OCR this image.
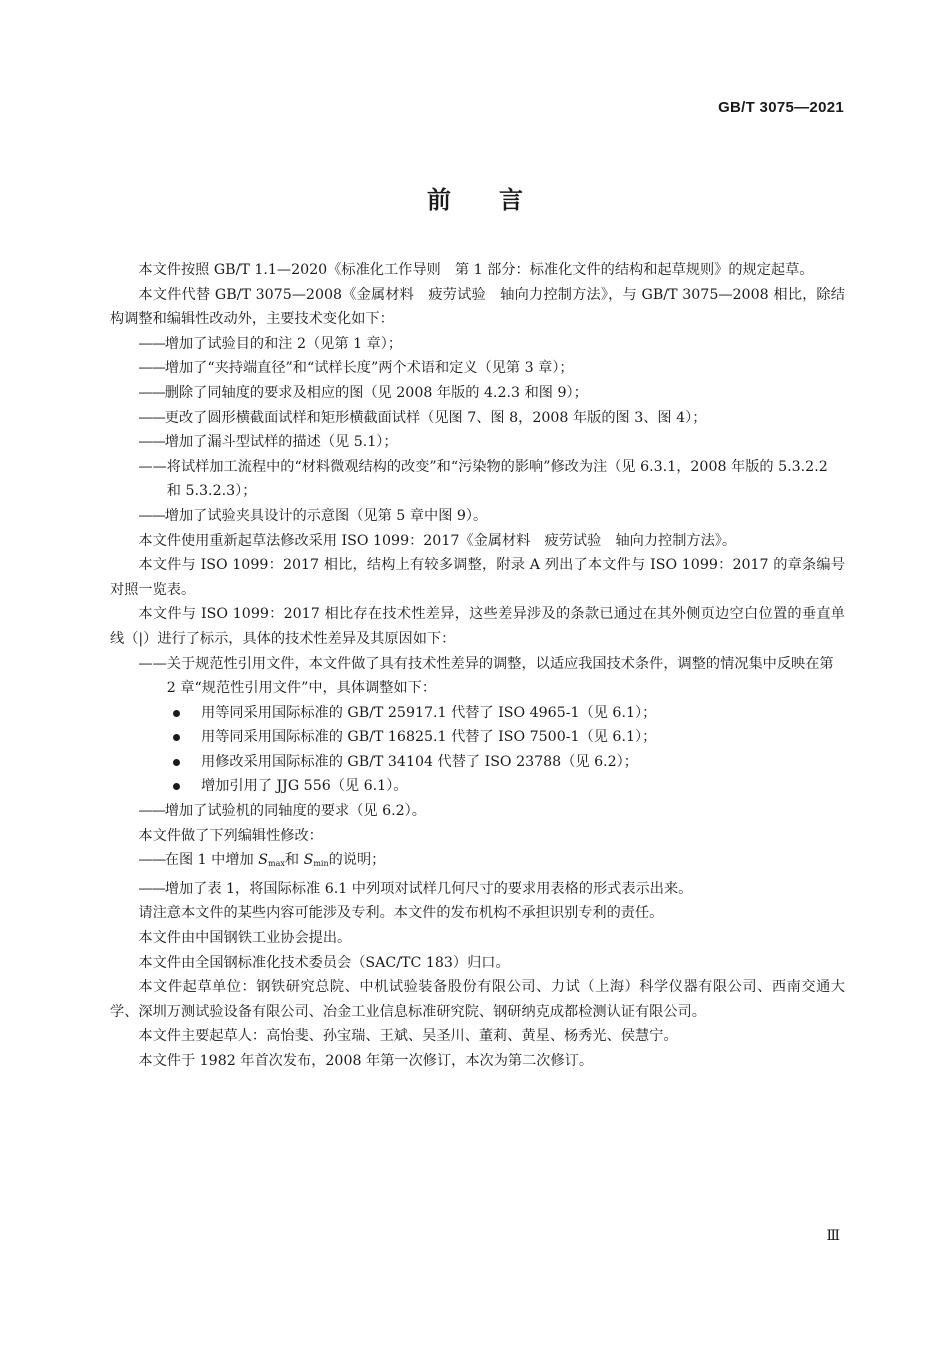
GB/T 3075—2021
前言

本文件按照 GB/T 1.1—2020《标准化工作导则　第 1 部分：标准化文件的结构和起草规则》的规定起草。

本文件代替 GB/T 3075—2008《金属材料　疲劳试验　轴向力控制方法》，与 GB/T 3075—2008 相比，除结构调整和编辑性改动外，主要技术变化如下：

——增加了试验目的和注 2（见第 1 章）；

——增加了“夹持端直径”和“试样长度”两个术语和定义（见第 3 章）；

——删除了同轴度的要求及相应的图（见 2008 年版的 4.2.3 和图 9）；

——更改了圆形横截面试样和矩形横截面试样（见图 7、图 8，2008 年版的图 3、图 4）；

——增加了漏斗型试样的描述（见 5.1）；

——将试样加工流程中的“材料微观结构的改变”和“污染物的影响”修改为注（见 6.3.1，2008 年版的 5.3.2.2 和 5.3.2.3）；

——增加了试验夹具设计的示意图（见第 5 章中图 9）。

本文件使用重新起草法修改采用 ISO 1099：2017《金属材料　疲劳试验　轴向力控制方法》。

本文件与 ISO 1099：2017 相比，结构上有较多调整，附录 A 列出了本文件与 ISO 1099：2017 的章条编号对照一览表。

本文件与 ISO 1099：2017 相比存在技术性差异，这些差异涉及的条款已通过在其外侧页边空白位置的垂直单线（|）进行了标示，具体的技术性差异及其原因如下：

——关于规范性引用文件，本文件做了具有技术性差异的调整，以适应我国技术条件，调整的情况集中反映在第 2 章“规范性引用文件”中，具体调整如下：

用等同采用国际标准的 GB/T 25917.1 代替了 ISO 4965-1（见 6.1）；

用等同采用国际标准的 GB/T 16825.1 代替了 ISO 7500-1（见 6.1）；

用修改采用国际标准的 GB/T 34104 代替了 ISO 23788（见 6.2）；

增加引用了 JJG 556（见 6.1）。

——增加了试验机的同轴度的要求（见 6.2）。

本文件做了下列编辑性修改：

——在图 1 中增加 $S_{max}$和 $S_{min}$的说明；

——增加了表 1，将国际标准 6.1 中列项对试样几何尺寸的要求用表格的形式表示出来。

请注意本文件的某些内容可能涉及专利。本文件的发布机构不承担识别专利的责任。

本文件由中国钢铁工业协会提出。

本文件由全国钢标准化技术委员会（SAC/TC 183）归口。

本文件起草单位：钢铁研究总院、中机试验装备股份有限公司、力试（上海）科学仪器有限公司、西南交通大学、深圳万测试验设备有限公司、冶金工业信息标准研究院、钢研纳克成都检测认证有限公司。

本文件主要起草人：高怡斐、孙宝瑞、王斌、吴圣川、董莉、黄星、杨秀光、侯慧宁。

本文件于 1982 年首次发布，2008 年第一次修订，本次为第二次修订。

Ⅲ
